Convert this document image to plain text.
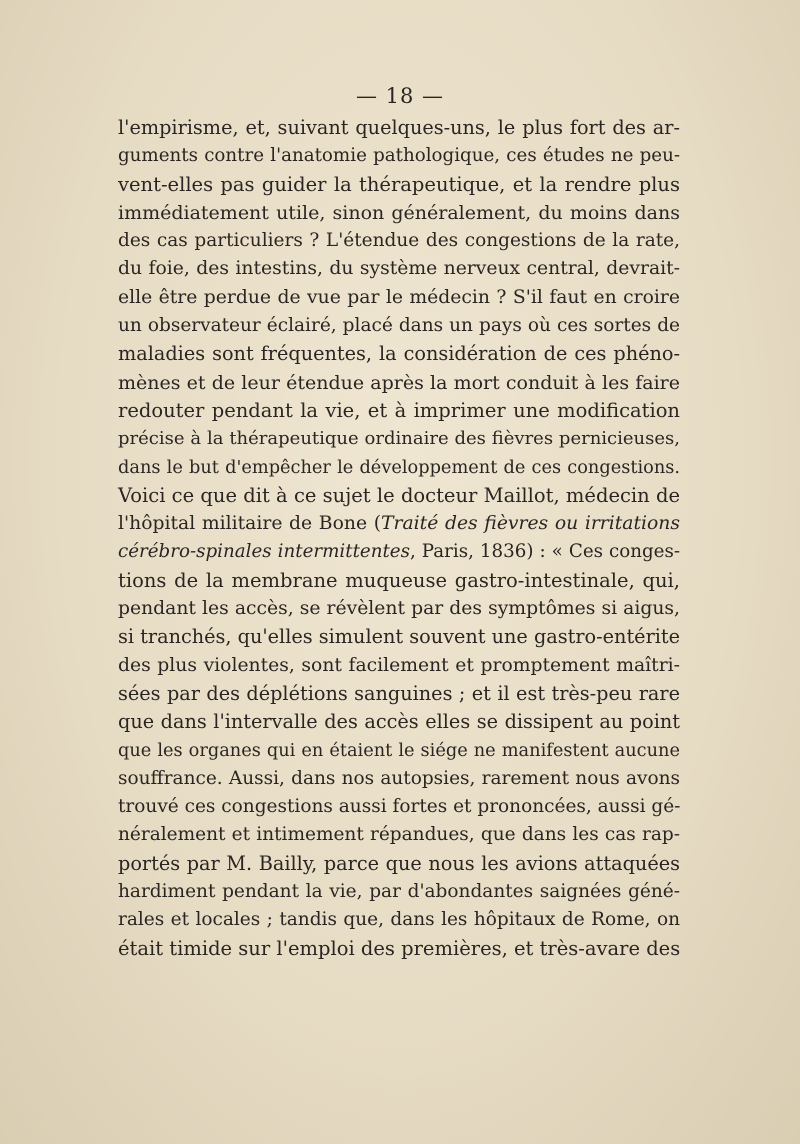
— 18 —
l'empirisme, et, suivant quelques-uns, le plus fort des ar-
guments contre l'anatomie pathologique, ces études ne peu-
vent-elles pas guider la thérapeutique, et la rendre plus
immédiatement utile, sinon généralement, du moins dans
des cas particuliers ? L'étendue des congestions de la rate,
du foie, des intestins, du système nerveux central, devrait-
elle être perdue de vue par le médecin ? S'il faut en croire
un observateur éclairé, placé dans un pays où ces sortes de
maladies sont fréquentes, la considération de ces phéno-
mènes et de leur étendue après la mort conduit à les faire
redouter pendant la vie, et à imprimer une modification
précise à la thérapeutique ordinaire des fièvres pernicieuses,
dans le but d'empêcher le développement de ces congestions.
Voici ce que dit à ce sujet le docteur Maillot, médecin de
l'hôpital militaire de Bone (Traité des fièvres ou irritations
cérébro-spinales intermittentes, Paris, 1836) : « Ces conges-
tions de la membrane muqueuse gastro-intestinale, qui,
pendant les accès, se révèlent par des symptômes si aigus,
si tranchés, qu'elles simulent souvent une gastro-entérite
des plus violentes, sont facilement et promptement maîtri-
sées par des déplétions sanguines ; et il est très-peu rare
que dans l'intervalle des accès elles se dissipent au point
que les organes qui en étaient le siége ne manifestent aucune
souffrance. Aussi, dans nos autopsies, rarement nous avons
trouvé ces congestions aussi fortes et prononcées, aussi gé-
néralement et intimement répandues, que dans les cas rap-
portés par M. Bailly, parce que nous les avions attaquées
hardiment pendant la vie, par d'abondantes saignées géné-
rales et locales ; tandis que, dans les hôpitaux de Rome, on
était timide sur l'emploi des premières, et très-avare des
